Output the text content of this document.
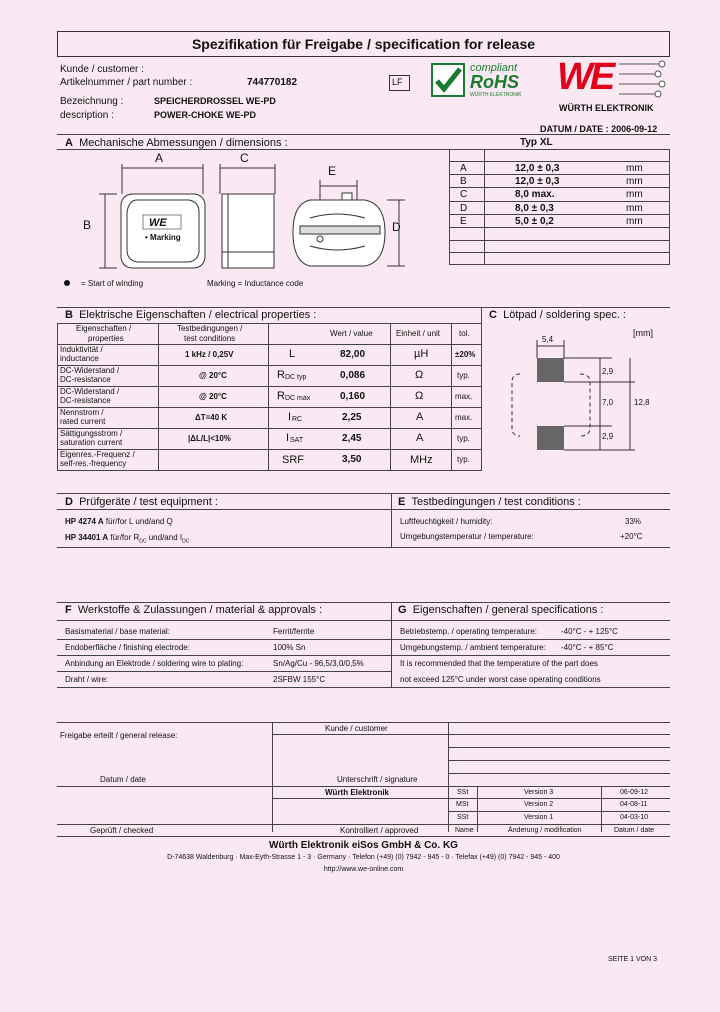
Spezifikation für Freigabe / specification for release
Kunde / customer :
Artikelnummer / part number :	744770182	LF
Bezeichnung :	SPEICHERDROSSEL WE-PD
description :	POWER-CHOKE WE-PD
DATUM / DATE : 2006-09-12
compliant
RoHS
WÜRTH ELEKTRONIK WE
WÜRTH ELEKTRONIK
A Mechanische Abmessungen / dimensions :
A	C
E
B	D
WE
• Marking
= Start of winding	Marking = Inductance code
Typ XL
A	12,0 ± 0,3	mm
B	12,0 ± 0,3	mm
C	8,0 max.	mm
D	8,0 ± 0,3	mm
E	5,0 ± 0,2	mm
B Elektrische Eigenschaften / electrical properties :	C Lötpad / soldering spec. :
Eigenschaften /
properties
Testbedingungen /
test conditions
Wert / value	Einheit / unit tol.
Induktivität /
inductance	1 kHz / 0,25V	L	82,00	µH	±20%
DC-Widerstand /
DC-resistance	@ 20°C	R DC typ	0,086	Ω	typ.
DC-Widerstand /
DC-resistance	@ 20°C	R DC max	0,160	Ω	max.
Nennstrom /
rated current	ΔT=40 K	I RC	2,25	A	max.
Sättigungsstrom /
saturation current	|ΔL/L|<10%	I SAT	2,45	A	typ.
Eigenres.-Frequenz /
self-res.-frequency	SRF	3,50	MHz	typ.
[mm]
5,4
2,9
7,0	12,8
2,9
D Prüfgeräte / test equipment :	E Testbedingungen / test conditions :
HP 4274 A für/for L und/and Q
HP 34401 A für/for $R_{DC}$ und/and $I_{DC}$
Luftfeuchtigkeit / humidity:	33%
Umgebungstemperatur / temperature:	+20°C
F Werkstoffe & Zulassungen / material & approvals :	G Eigenschaften / general specifications :
Basismaterial / base material:	Ferrit/ferrite
Endoberfläche / finishing electrode:	100% Sn
Anbindung an Elektrode / soldering wire to plating:	Sn/Ag/Cu - 96,5/3,0/0,5%
Draht / wire:	2SFBW 155°C
Betriebstemp. / operating temperature:	-40°C - + 125°C
Umgebungstemp. / ambient temperature: -40°C - + 85°C
It is recommended that the temperature of the part does
not exceed 125°C under worst case operating conditions
Freigabe erteilt / general release:
Kunde / customer
Datum / date	Unterschrift / signature
Würth Elektronik	SSt	Version 3	06-09-12
MSt	Version 2	04-08-11
SSt	Version 1	04-03-10
Geprüft / checked	Kontrolliert / approved	Name	Änderung / modification	Datum / date
Würth Elektronik eiSos GmbH & Co. KG
D-74638 Waldenburg · Max-Eyth-Strasse 1 - 3 · Germany · Telefon (+49) (0) 7942 - 945 - 0 · Telefax (+49) (0) 7942 - 945 - 400
http://www.we-online.com
SEITE 1 VON 3
